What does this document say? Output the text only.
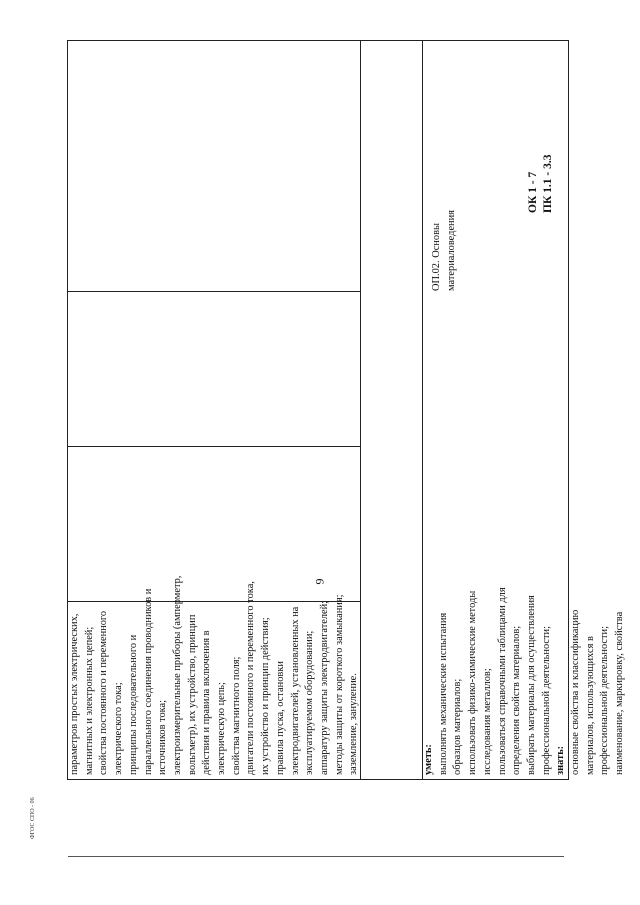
9
параметров простых электрических, магнитных и электронных цепей; свойства постоянного и переменного электрического тока; принципы последовательного и параллельного соединения проводников и источников тока; электроизмерительные приборы (амперметр, вольтметр), их устройство, принцип действия и правила включения в электрическую цепь; свойства магнитного поля; двигатели постоянного и переменного тока, их устройство и принцип действия; правила пуска, остановки электродвигателей, установленных на эксплуатируемом оборудовании; аппаратуру защиты электродвигателей; методы защиты от короткого замыкания; заземление, зануление.	уметь: выполнять механические испытания образцов материалов; использовать физико-химические методы исследования металлов; пользоваться справочными таблицами для определения свойств материалов; выбирать материалы для осуществления профессиональной деятельности; знать: основные свойства и классификацию материалов, использующихся в профессиональной деятельности; наименование, маркировку, свойства
ОП.02. Основы материаловедения
ОК 1 - 7 ПК 1.1 - 3.3
ФГОС СПО - 06
